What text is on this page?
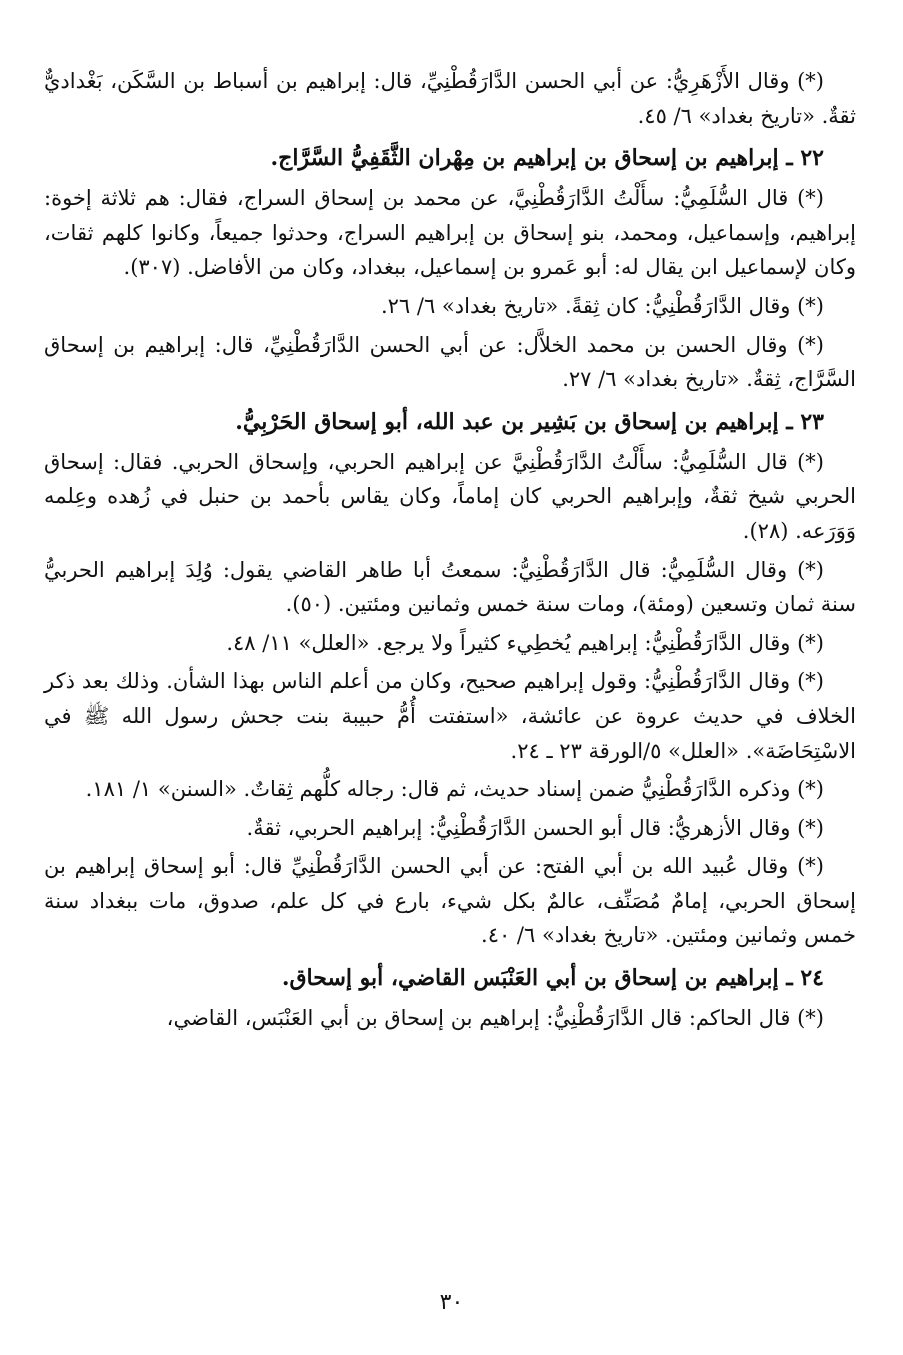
(*) وقال الأَزْهَرِيُّ: عن أبي الحسن الدَّارَقُطْنِيِّ، قال: إبراهيم بن أسباط بن السَّكَن، بَغْداديٌّ ثقةٌ. «تاريخ بغداد» ٦/ ٤٥.

٢٢ ـ إبراهيم بن إسحاق بن إبراهيم بن مِهْران الثَّقَفِيُّ السَّرَّاج.

(*) قال السُّلَمِيُّ: سأَلْتُ الدَّارَقُطْنِيَّ، عن محمد بن إسحاق السراج، فقال: هم ثلاثة إخوة: إبراهيم، وإسماعيل، ومحمد، بنو إسحاق بن إبراهيم السراج، وحدثوا جميعاً، وكانوا كلهم ثقات، وكان لإسماعيل ابن يقال له: أبو عَمرو بن إسماعيل، ببغداد، وكان من الأفاضل. (٣٠٧).

(*) وقال الدَّارَقُطْنِيُّ: كان ثِقةً. «تاريخ بغداد» ٦/ ٢٦.

(*) وقال الحسن بن محمد الخلاَّل: عن أبي الحسن الدَّارَقُطْنِيِّ، قال: إبراهيم بن إسحاق السَّرَّاج، ثِقةٌ. «تاريخ بغداد» ٦/ ٢٧.

٢٣ ـ إبراهيم بن إسحاق بن بَشِير بن عبد الله، أبو إسحاق الحَرْبِيُّ.

(*) قال السُّلَمِيُّ: سأَلْتُ الدَّارَقُطْنِيَّ عن إبراهيم الحربي، وإسحاق الحربي. فقال: إسحاق الحربي شيخ ثقةٌ، وإبراهيم الحربي كان إماماً، وكان يقاس بأحمد بن حنبل في زُهده وعِلمه وَوَرَعه. (٢٨).

(*) وقال السُّلَمِيُّ: قال الدَّارَقُطْنِيُّ: سمعتُ أبا طاهر القاضي يقول: وُلِدَ إبراهيم الحربيُّ سنة ثمان وتسعين (ومئة)، ومات سنة خمس وثمانين ومئتين. (٥٠).

(*) وقال الدَّارَقُطْنِيُّ: إبراهيم يُخطِيء كثيراً ولا يرجع. «العلل» ١١/ ٤٨.

(*) وقال الدَّارَقُطْنِيُّ: وقول إبراهيم صحيح، وكان من أعلم الناس بهذا الشأن. وذلك بعد ذكر الخلاف في حديث عروة عن عائشة، «استفتت أُمُّ حبيبة بنت جحش رسول الله ﷺ في الاسْتِحَاضَة». «العلل» ٥/الورقة ٢٣ ـ ٢٤.

(*) وذكره الدَّارَقُطْنِيُّ ضمن إسناد حديث، ثم قال: رجاله كلُّهم ثِقاتٌ. «السنن» ١/ ١٨١.

(*) وقال الأزهريُّ: قال أبو الحسن الدَّارَقُطْنِيُّ: إبراهيم الحربي، ثقةٌ.

(*) وقال عُبيد الله بن أبي الفتح: عن أبي الحسن الدَّارَقُطْنِيِّ قال: أبو إسحاق إبراهيم بن إسحاق الحربي، إمامٌ مُصَنِّف، عالمٌ بكل شيء، بارع في كل علم، صدوق، مات ببغداد سنة خمس وثمانين ومئتين. «تاريخ بغداد» ٦/ ٤٠.

٢٤ ـ إبراهيم بن إسحاق بن أبي العَنْبَس القاضي، أبو إسحاق.

(*) قال الحاكم: قال الدَّارَقُطْنِيُّ: إبراهيم بن إسحاق بن أبي العَنْبَس، القاضي،

٣٠
